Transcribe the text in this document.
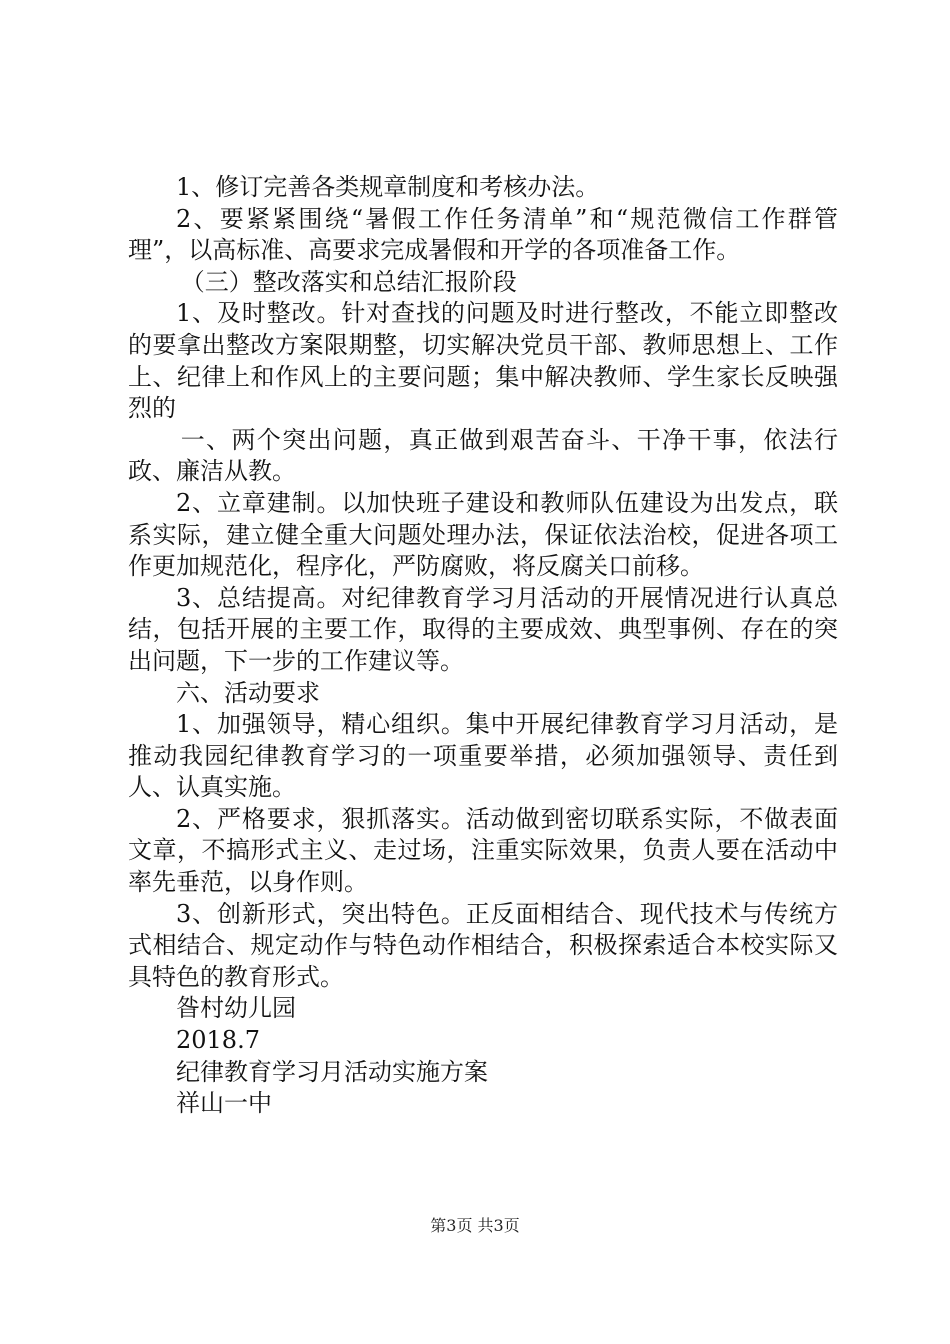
1、修订完善各类规章制度和考核办法。

2、要紧紧围绕“暑假工作任务清单”和“规范微信工作群管理”，以高标准、高要求完成暑假和开学的各项准备工作。

（三）整改落实和总结汇报阶段

1、及时整改。针对查找的问题及时进行整改，不能立即整改的要拿出整改方案限期整，切实解决党员干部、教师思想上、工作上、纪律上和作风上的主要问题；集中解决教师、学生家长反映强烈的

一、两个突出问题，真正做到艰苦奋斗、干净干事，依法行政、廉洁从教。

2、立章建制。以加快班子建设和教师队伍建设为出发点，联系实际，建立健全重大问题处理办法，保证依法治校，促进各项工作更加规范化，程序化，严防腐败，将反腐关口前移。

3、总结提高。对纪律教育学习月活动的开展情况进行认真总结，包括开展的主要工作，取得的主要成效、典型事例、存在的突出问题，下一步的工作建议等。

六、活动要求

1、加强领导，精心组织。集中开展纪律教育学习月活动，是推动我园纪律教育学习的一项重要举措，必须加强领导、责任到人、认真实施。

2、严格要求，狠抓落实。活动做到密切联系实际，不做表面文章，不搞形式主义、走过场，注重实际效果，负责人要在活动中率先垂范，以身作则。

3、创新形式，突出特色。正反面相结合、现代技术与传统方式相结合、规定动作与特色动作相结合，积极探索适合本校实际又具特色的教育形式。

昝村幼儿园

2018.7

纪律教育学习月活动实施方案

祥山一中

第3页 共3页
